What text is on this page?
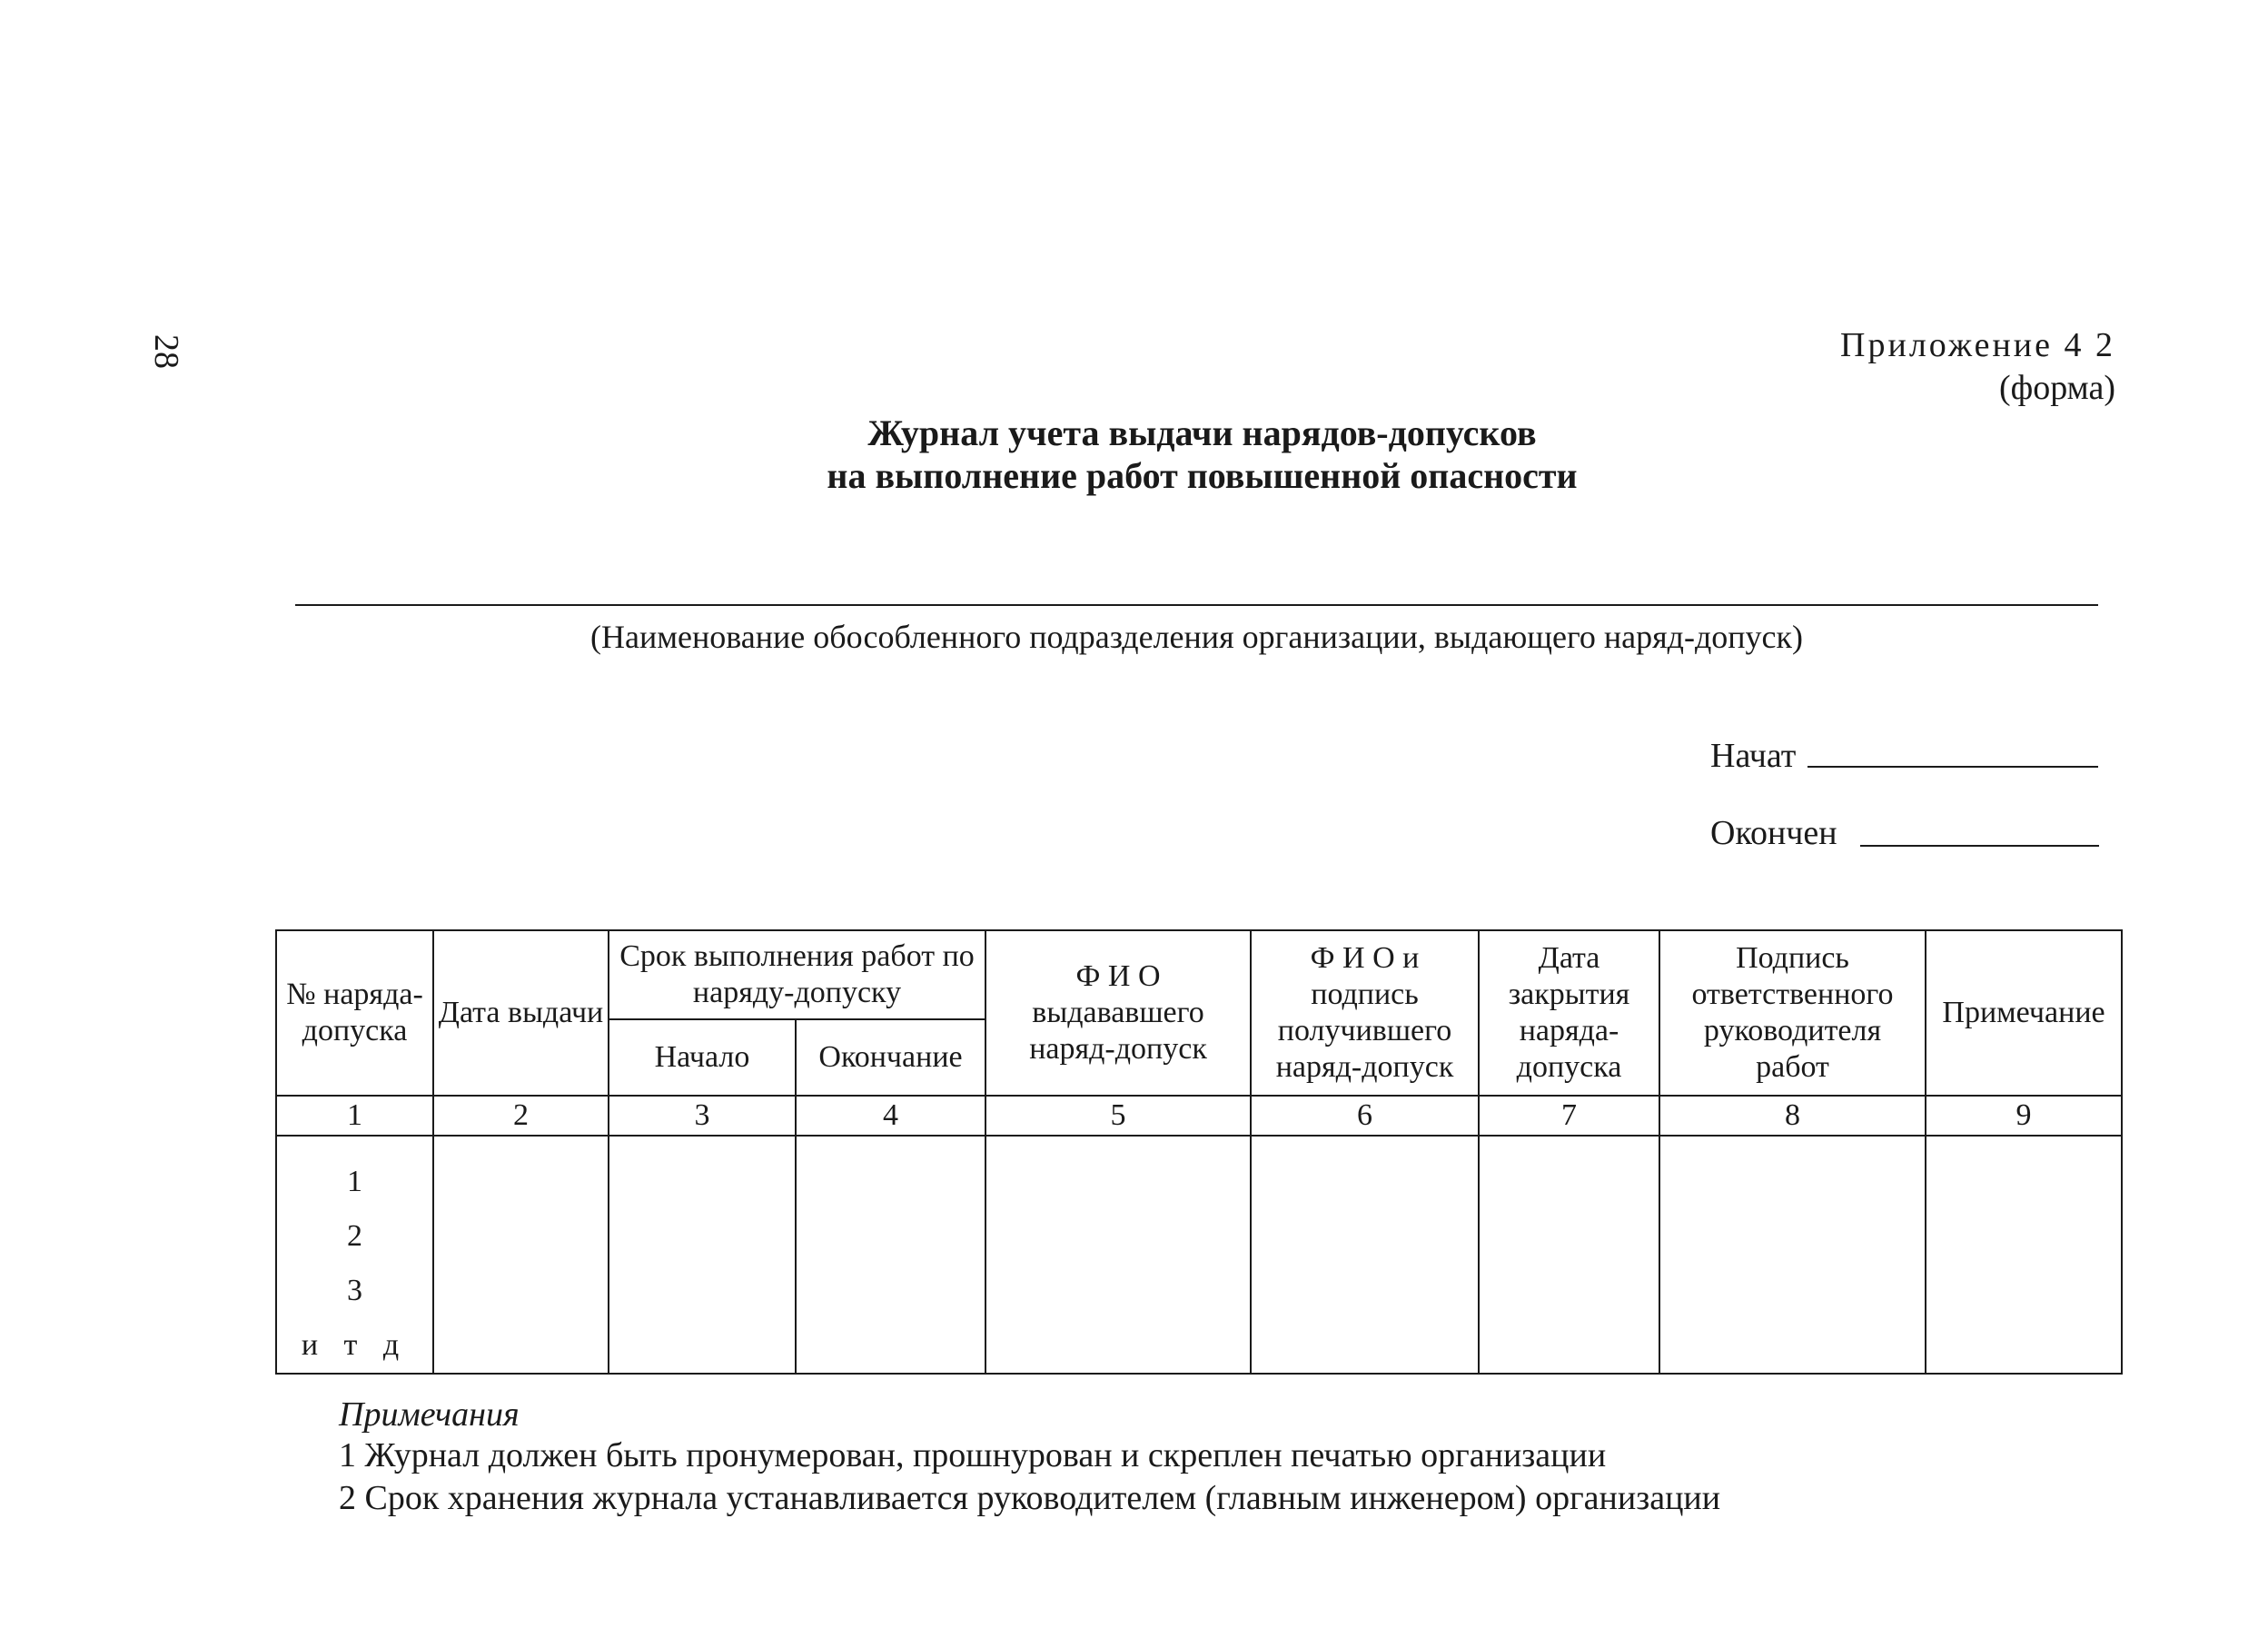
28	Приложение 4 2
(форма)
Журнал учета выдачи нарядов-допусков
на выполнение работ повышенной опасности
(Наименование обособленного подразделения организации, выдающего наряд-допуск)
Начат
Окончен
№ наряда-допуска	Дата выдачи	Срок выполнения работ по наряду-допуску		Ф И О выдававшего наряд-допуск	Ф И О и подпись получившего наряд-допуск	Дата закрытия наряда-допуска	Подпись ответственного руководителя работ	Примечание
		Начало	Окончание					
1	2	3	4	5	6	7	8	9

1
2
3
и т д								

Примечания
1 Журнал должен быть пронумерован, прошнурован и скреплен печатью организации
2 Срок хранения журнала устанавливается руководителем (главным инженером) организации
